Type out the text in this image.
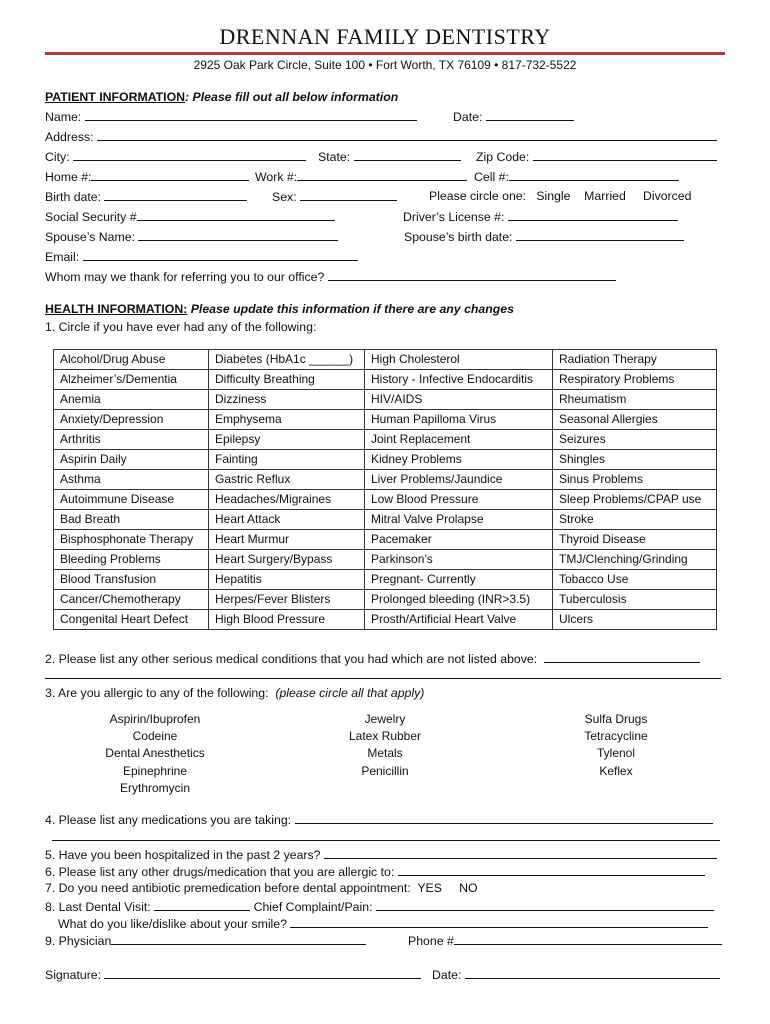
DRENNAN FAMILY DENTISTRY
2925 Oak Park Circle, Suite 100 • Fort Worth, TX 76109 • 817-732-5522
PATIENT INFORMATION: Please fill out all below information
Name:	Date:
Address:
City:	State:	Zip Code:
Home #:	Work #:	Cell #:
Birth date:	Sex:	Please circle one: Single Married Divorced
Social Security #	Driver’s License #:
Spouse’s Name:	Spouse’s birth date:
Email:
Whom may we thank for referring you to our office?
HEALTH INFORMATION: Please update this information if there are any changes
1. Circle if you have ever had any of the following:
Alcohol/Drug Abuse	Diabetes (HbA1c ______)	High Cholesterol	Radiation Therapy
Alzheimer’s/Dementia	Difficulty Breathing	History - Infective Endocarditis	Respiratory Problems
Anemia	Dizziness	HIV/AIDS	Rheumatism
Anxiety/Depression	Emphysema	Human Papilloma Virus	Seasonal Allergies
Arthritis	Epilepsy	Joint Replacement	Seizures
Aspirin Daily	Fainting	Kidney Problems	Shingles
Asthma	Gastric Reflux	Liver Problems/Jaundice	Sinus Problems
Autoimmune Disease	Headaches/Migraines	Low Blood Pressure	Sleep Problems/CPAP use
Bad Breath	Heart Attack	Mitral Valve Prolapse	Stroke
Bisphosphonate Therapy	Heart Murmur	Pacemaker	Thyroid Disease
Bleeding Problems	Heart Surgery/Bypass	Parkinson’s	TMJ/Clenching/Grinding
Blood Transfusion	Hepatitis	Pregnant- Currently	Tobacco Use
Cancer/Chemotherapy	Herpes/Fever Blisters	Prolonged bleeding (INR>3.5)	Tuberculosis
Congenital Heart Defect	High Blood Pressure	Prosth/Artificial Heart Valve	Ulcers
2. Please list any other serious medical conditions that you had which are not listed above:
3. Are you allergic to any of the following: (please circle all that apply)
Aspirin/Ibuprofen
Codeine
Dental Anesthetics
Epinephrine
Erythromycin
Jewelry
Latex Rubber
Metals
Penicillin
Sulfa Drugs
Tetracycline
Tylenol
Keflex
4. Please list any medications you are taking:
5. Have you been hospitalized in the past 2 years?
6. Please list any other drugs/medication that you are allergic to:
7. Do you need antibiotic premedication before dental appointment: YES NO
8. Last Dental Visit:	Chief Complaint/Pain:
What do you like/dislike about your smile?
9. Physician	Phone #
Signature:	Date:
